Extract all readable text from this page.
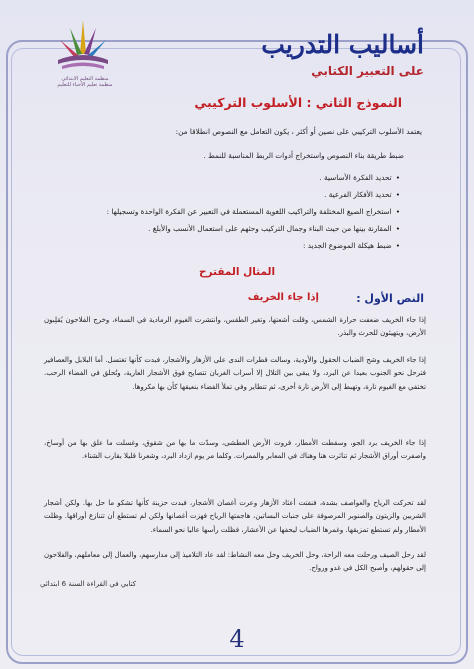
منظمة التعليم الابتدائي
منظمة تعليم الأحياء للتعليم
أساليب التدريب
على التعبير الكتابي
النموذج الثاني : الأسلوب التركيبي
يعتمد الأسلوب التركيبي على نصين أو أكثر ، يكون التعامل مع النصوص انطلاقا من:
ضبط طريقة بناء النصوص واستخراج أدوات الربط المناسبة للنمط .
• تحديد الفكرة الأساسية .
• تحديد الأفكار الفرعية .
• استخراج الصيغ المختلفة والتراكيب اللغوية المستعملة في التعبير عن الفكرة الواحدة وتسجيلها :
• المقارنة بينها من حيث البناء وجمال التركيب وحثهم على استعمال الأنسب والأبلغ .
• ضبط هيكلة الموضوع الجديد :
المثال المقترح
النص الأول :
إذا جاء الخريف
إذا جاء الخريف ضعفت حرارة الشمس، وقلت أشعتها، وتغير الطقس، وانتشرت الغيوم الرمادية في السماء، وخرج الفلاحون يُقلِبون الأرض، ويتهيئون للحرث والبذر.
إذا جاء الخريف وشح الضباب الحقول والأودية، وسالت قطرات الندى على الأزهار والأشجار، فبدت كأنها تغتسل. أما البلابل والعصافير فترحل نحو الجنوب بعيدا عن البرد، ولا يبقى بين التلال إلا أسراب الغربان تتصايح فوق الأشجار العارية، وتُحلق في الفضاء الرحب. تختفي مع الغيوم تارة، وتهبط إلى الأرض تارة أخرى، ثم تتطاير وفي تملأ الفضاء بنعيقها كأن بها مكروها.
إذا جاء الخريف برد الجو، وسقطت الأمطار، فروت الأرض العطشى، وسدّت ما بها من شقوق، وغسلت ما علق بها من أوساخ، واصفرت أوراق الأشجار ثم تناثرت هنا وهناك في المعابر والممرات. وكلما مر يوم ازداد البرد، وشعرنا قليلا بقارب الشتاء.
لقد تحركت الرياح والعواصف بشدة، فنفتت أعثاد الأزهار وعرت أغصان الأشجار، فبدت حزينة كأنها تشكو ما حل بها. ولكن أشجار الشربين والزيتون والصنوبر المرصوفة على جنبات البساتين، هاجمتها الرياح فهزت أغصانها ولكن لم تستطع أن تتنازع أوراقها. وظلت الأمطار ولم تستطع تمزيقها. وغمرها الضباب ليحفها عن الأعشار، فظلت رأسها عاليا نحو السماء.
لقد رحل الصيف ورحلت معه الراحة، وحل الخريف وحل معه النشاط: لقد عاد التلاميذ إلى مدارسهم، والعمال إلى معاملهم، والفلاحون إلى حقولهم، وأصبح الكل في غدو ورواح.
كتابي في القراءة السنة 6 ابتدائي
4
